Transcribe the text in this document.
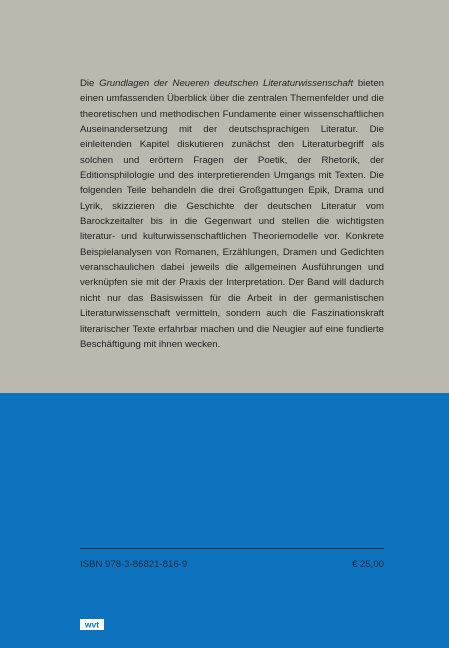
Die Grundlagen der Neueren deutschen Literaturwissenschaft bieten einen umfassenden Überblick über die zentralen Themenfelder und die theoretischen und methodischen Fundamente einer wissenschaftlichen Auseinandersetzung mit der deutschsprachigen Literatur. Die einleitenden Kapitel diskutieren zunächst den Literaturbegriff als solchen und erörtern Fragen der Poetik, der Rhetorik, der Editionsphilologie und des interpretierenden Umgangs mit Texten. Die folgenden Teile behandeln die drei Großgattungen Epik, Drama und Lyrik, skizzieren die Geschichte der deutschen Literatur vom Barockzeitalter bis in die Gegenwart und stellen die wichtigsten literatur- und kulturwissenschaftlichen Theoriemodelle vor. Konkrete Beispielanalysen von Romanen, Erzählungen, Dramen und Gedichten veranschaulichen dabei jeweils die allgemeinen Ausführungen und verknüpfen sie mit der Praxis der Interpretation. Der Band will dadurch nicht nur das Basiswissen für die Arbeit in der germanistischen Literaturwissenschaft vermitteln, sondern auch die Faszinationskraft literarischer Texte erfahrbar machen und die Neugier auf eine fundierte Beschäftigung mit ihnen wecken.

ISBN 978-3-86821-816-9	€ 25,00
wvt
